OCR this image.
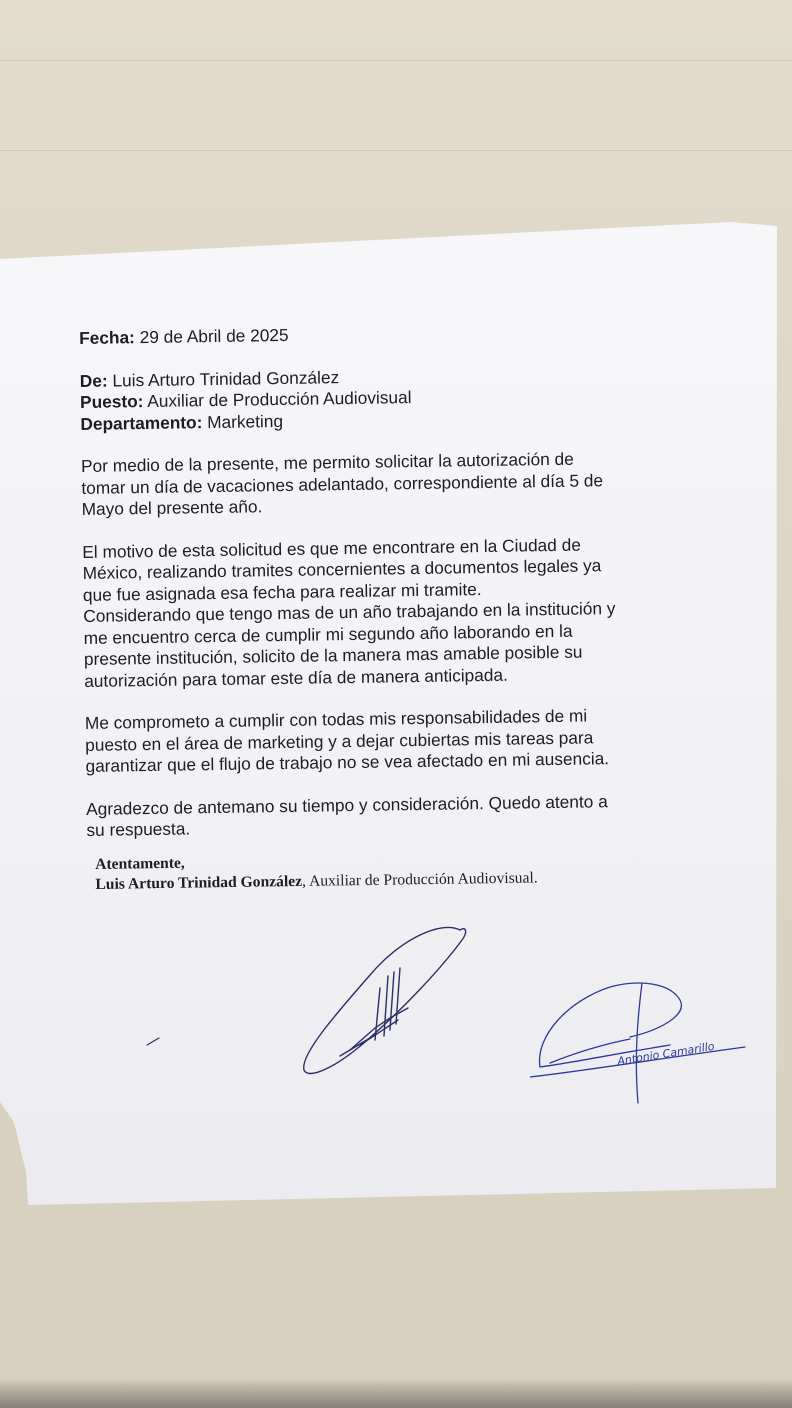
Fecha: 29 de Abril de 2025

De: Luis Arturo Trinidad González

Puesto: Auxiliar de Producción Audiovisual

Departamento: Marketing

Por medio de la presente, me permito solicitar la autorización de

tomar un día de vacaciones adelantado, correspondiente al día 5 de

Mayo del presente año.

El motivo de esta solicitud es que me encontrare en la Ciudad de

México, realizando tramites concernientes a documentos legales ya

que fue asignada esa fecha para realizar mi tramite.

Considerando que tengo mas de un año trabajando en la institución y

me encuentro cerca de cumplir mi segundo año laborando en la

presente institución, solicito de la manera mas amable posible su

autorización para tomar este día de manera anticipada.

Me comprometo a cumplir con todas mis responsabilidades de mi

puesto en el área de marketing y a dejar cubiertas mis tareas para

garantizar que el flujo de trabajo no se vea afectado en mi ausencia.

Agradezco de antemano su tiempo y consideración. Quedo atento a

su respuesta.

Atentamente,
Luis Arturo Trinidad González, Auxiliar de Producción Audiovisual.
Antonio Camarillo
